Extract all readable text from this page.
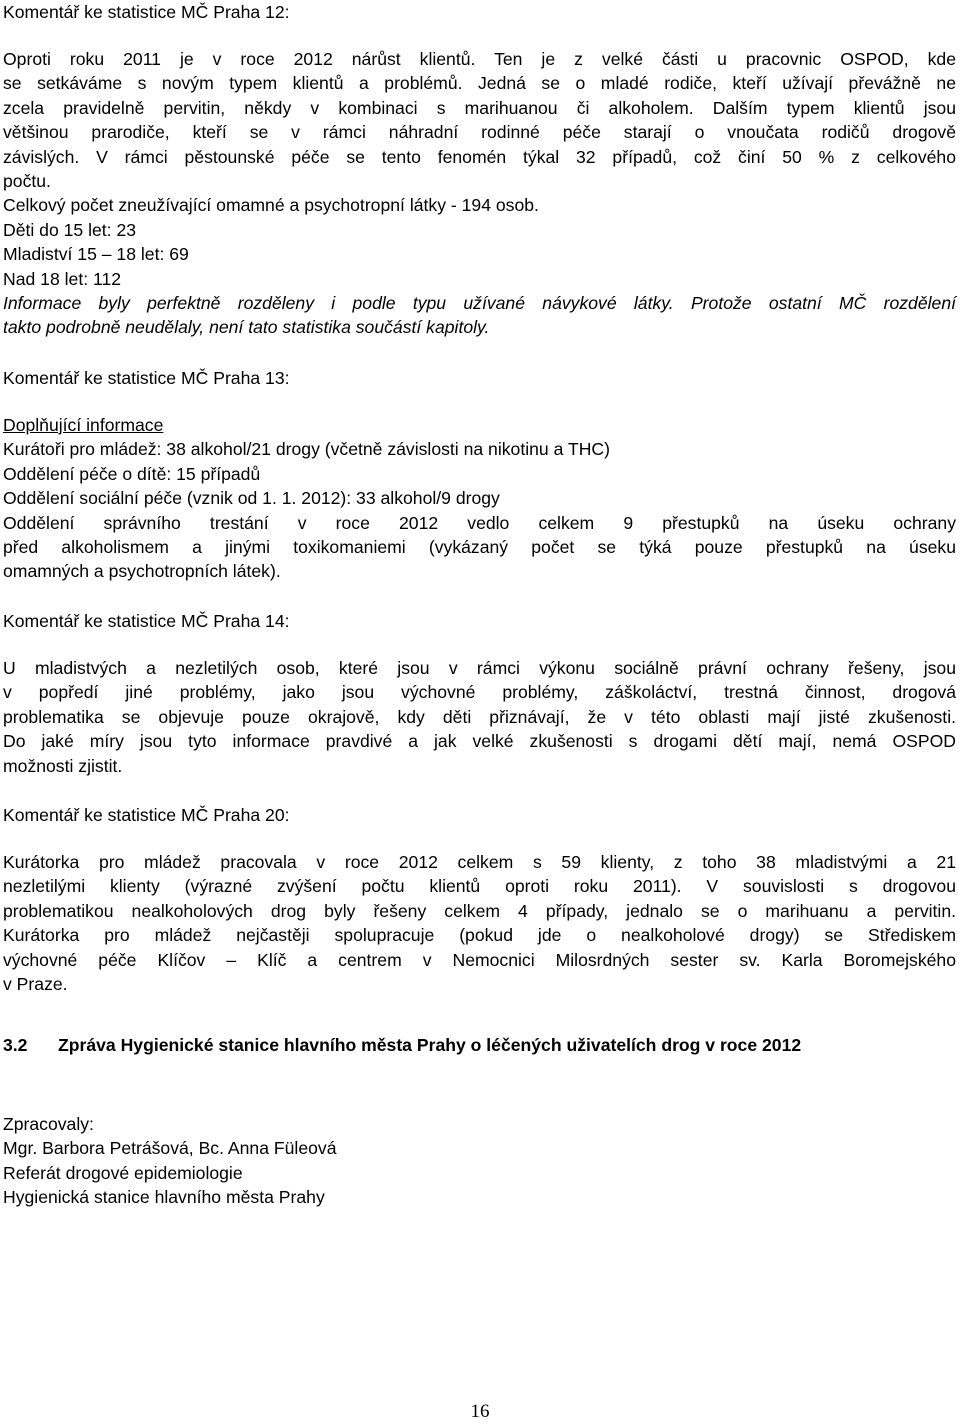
Komentář ke statistice MČ Praha 12:
Oproti roku 2011 je v roce 2012 nárůst klientů. Ten je z velké části u pracovnic OSPOD, kde
se setkáváme s novým typem klientů a problémů. Jedná se o mladé rodiče, kteří užívají převážně ne
zcela pravidelně pervitin, někdy v kombinaci s marihuanou či alkoholem. Dalším typem klientů jsou
většinou prarodiče, kteří se v rámci náhradní rodinné péče starají o vnoučata rodičů drogově
závislých. V rámci pěstounské péče se tento fenomén týkal 32 případů, což činí 50 % z celkového
počtu.
Celkový počet zneužívající omamné a psychotropní látky - 194 osob.
Děti do 15 let: 23
Mladiství 15 – 18 let: 69
Nad 18 let: 112
Informace byly perfektně rozděleny i podle typu užívané návykové látky. Protože ostatní MČ rozdělení
takto podrobně neudělaly, není tato statistika součástí kapitoly.
Komentář ke statistice MČ Praha 13:
Doplňující informace
Kurátoři pro mládež: 38 alkohol/21 drogy (včetně závislosti na nikotinu a THC)
Oddělení péče o dítě: 15 případů
Oddělení sociální péče (vznik od 1. 1. 2012): 33 alkohol/9 drogy
Oddělení správního trestání v roce 2012 vedlo celkem 9 přestupků na úseku ochrany
před alkoholismem a jinými toxikomaniemi (vykázaný počet se týká pouze přestupků na úseku
omamných a psychotropních látek).
Komentář ke statistice MČ Praha 14:
U mladistvých a nezletilých osob, které jsou v rámci výkonu sociálně právní ochrany řešeny, jsou
v popředí jiné problémy, jako jsou výchovné problémy, záškoláctví, trestná činnost, drogová
problematika se objevuje pouze okrajově, kdy děti přiznávají, že v této oblasti mají jisté zkušenosti.
Do jaké míry jsou tyto informace pravdivé a jak velké zkušenosti s drogami dětí mají, nemá OSPOD
možnosti zjistit.
Komentář ke statistice MČ Praha 20:
Kurátorka pro mládež pracovala v roce 2012 celkem s 59 klienty, z toho 38 mladistvými a 21
nezletilými klienty (výrazné zvýšení počtu klientů oproti roku 2011). V souvislosti s drogovou
problematikou nealkoholových drog byly řešeny celkem 4 případy, jednalo se o marihuanu a pervitin.
Kurátorka pro mládež nejčastěji spolupracuje (pokud jde o nealkoholové drogy) se Střediskem
výchovné péče Klíčov – Klíč a centrem v Nemocnici Milosrdných sester sv. Karla Boromejského
v Praze.
3.2 Zpráva Hygienické stanice hlavního města Prahy o léčených uživatelích drog v roce 2012
Zpracovaly:
Mgr. Barbora Petrášová, Bc. Anna Füleová
Referát drogové epidemiologie
Hygienická stanice hlavního města Prahy
16
